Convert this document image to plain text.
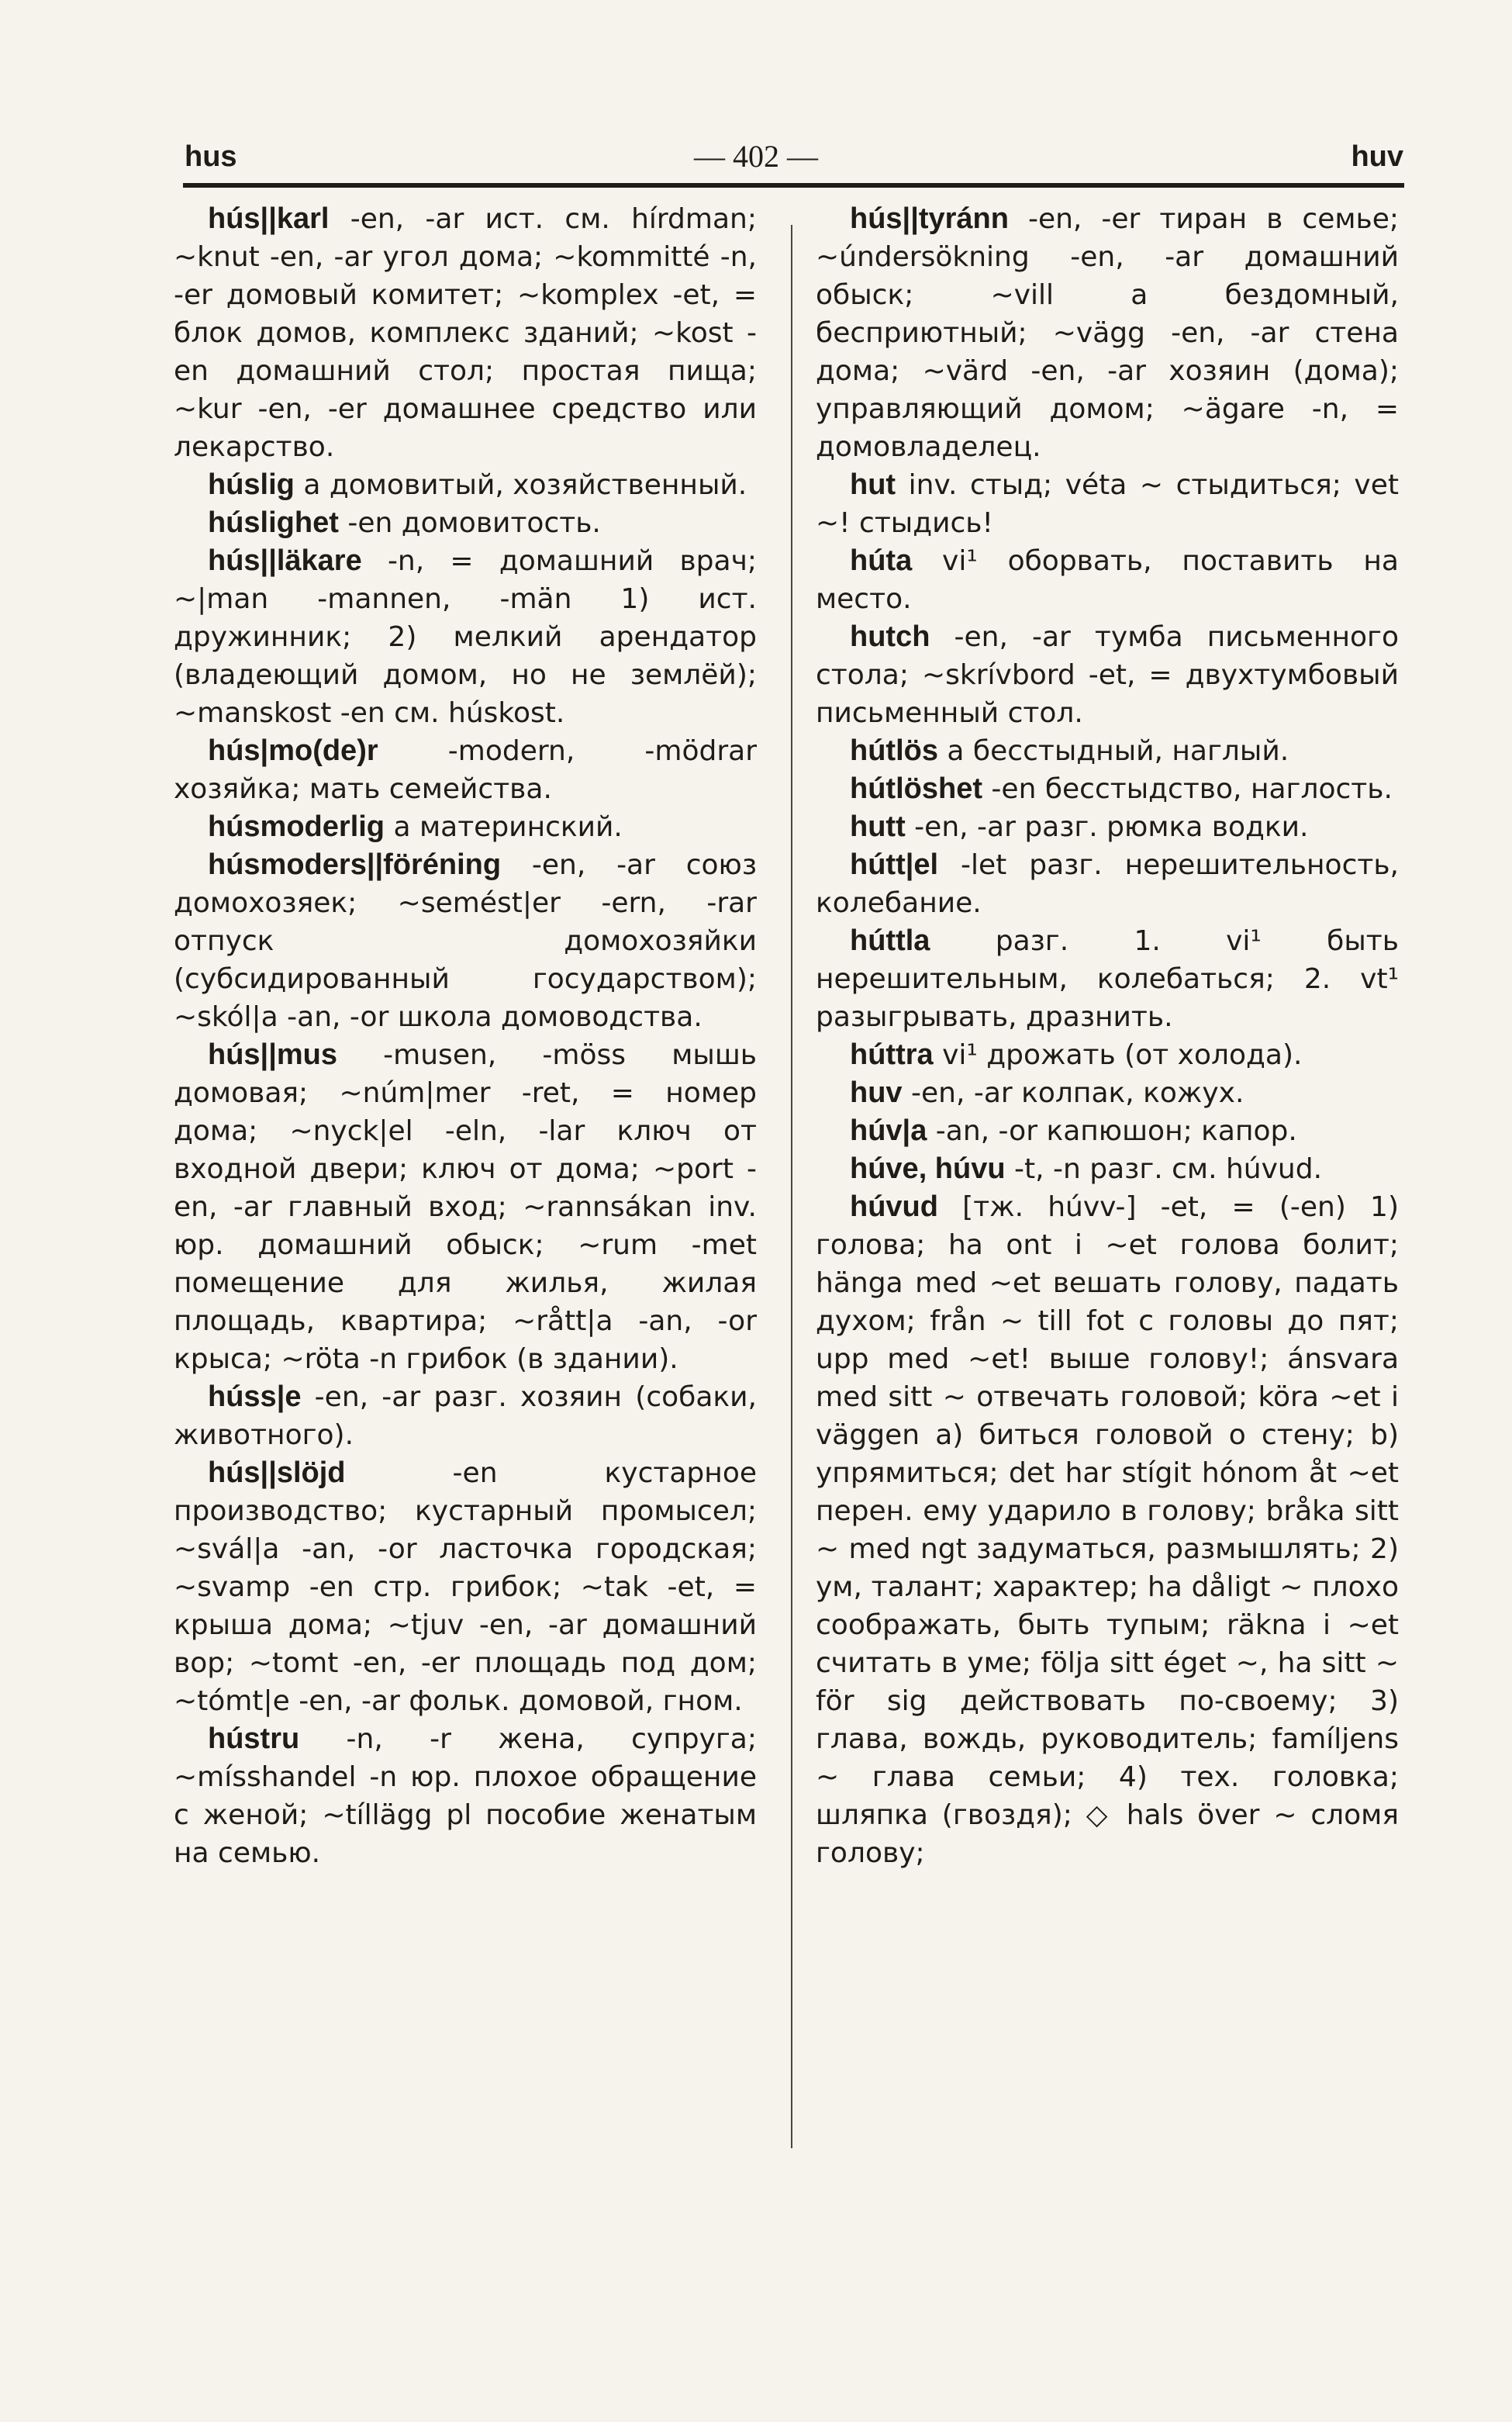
— 402 —
hus	huv

hús||karl -en, -ar ист. см. hírdman; ~knut -en, -ar угол дома; ~kommitté -n, -er домовый комитет; ~komplex -et, = блок домов, комплекс зданий; ~kost -en домашний стол; простая пища; ~kur -en, -er домашнее средство или лекарство.

húslig a домовитый, хозяйственный.

húslighet -en домовитость.

hús||läkare -n, = домашний врач; ~|man -mannen, -män 1) ист. дружинник; 2) мелкий арендатор (владеющий домом, но не землёй); ~manskost -en см. húskost.

hús|mo(de)r -modern, -mödrar хозяйка; мать семейства.

húsmoderlig a материнский.

húsmoders||föréning -en, -ar союз домохозяек; ~semést|er -ern, -rar отпуск домохозяйки (субсидированный государством); ~skól|a -an, -or школа домоводства.

hús||mus -musen, -möss мышь домовая; ~núm|mer -ret, = номер дома; ~nyck|el -eln, -lar ключ от входной двери; ключ от дома; ~port -en, -ar главный вход; ~rannsákan inv. юр. домашний обыск; ~rum -met помещение для жилья, жилая площадь, квартира; ~rått|a -an, -or крыса; ~röta -n грибок (в здании).

húss|e -en, -ar разг. хозяин (собаки, животного).

hús||slöjd -en кустарное производство; кустарный промысел; ~svál|a -an, -or ласточка городская; ~svamp -en стр. грибок; ~tak -et, = крыша дома; ~tjuv -en, -ar домашний вор; ~tomt -en, -er площадь под дом; ~tómt|e -en, -ar фольк. домовой, гном.

hústru -n, -r жена, супруга; ~mísshandel -n юр. плохое обращение с женой; ~tíllägg pl пособие женатым на семью.

hús||tyránn -en, -er тиран в семье; ~úndersökning -en, -ar домашний обыск; ~vill a бездомный, бесприютный; ~vägg -en, -ar стена дома; ~värd -en, -ar хозяин (дома); управляющий домом; ~ägare -n, = домовладелец.

hut inv. стыд; véta ~ стыдиться; vet ~! стыдись!

húta vi¹ оборвать, поставить на место.

hutch -en, -ar тумба письменного стола; ~skrívbord -et, = двухтумбовый письменный стол.

hútlös a бесстыдный, наглый.

hútlöshet -en бесстыдство, наглость.

hutt -en, -ar разг. рюмка водки.

hútt|el -let разг. нерешительность, колебание.

húttla разг. 1. vi¹ быть нерешительным, колебаться; 2. vt¹ разыгрывать, дразнить.

húttra vi¹ дрожать (от холода).

huv -en, -ar колпак, кожух.

húv|a -an, -or капюшон; капор.

húve, húvu -t, -n разг. см. húvud.

húvud [тж. húvv-] -et, = (-en) 1) голова; ha ont i ~et голова болит; hänga med ~et вешать голову, падать духом; från ~ till fot с головы до пят; upp med ~et! выше голову!; ánsvara med sitt ~ отвечать головой; köra ~et i väggen a) биться головой о стену; b) упрямиться; det har stígit hónom åt ~et перен. ему ударило в голову; bråka sitt ~ med ngt задуматься, размышлять; 2) ум, талант; характер; ha dåligt ~ плохо соображать, быть тупым; räkna i ~et считать в уме; följa sitt éget ~, ha sitt ~ för sig действовать по-своему; 3) глава, вождь, руководитель; famíljens ~ глава семьи; 4) тех. головка; шляпка (гвоздя); ◇ hals över ~ сломя голову;
